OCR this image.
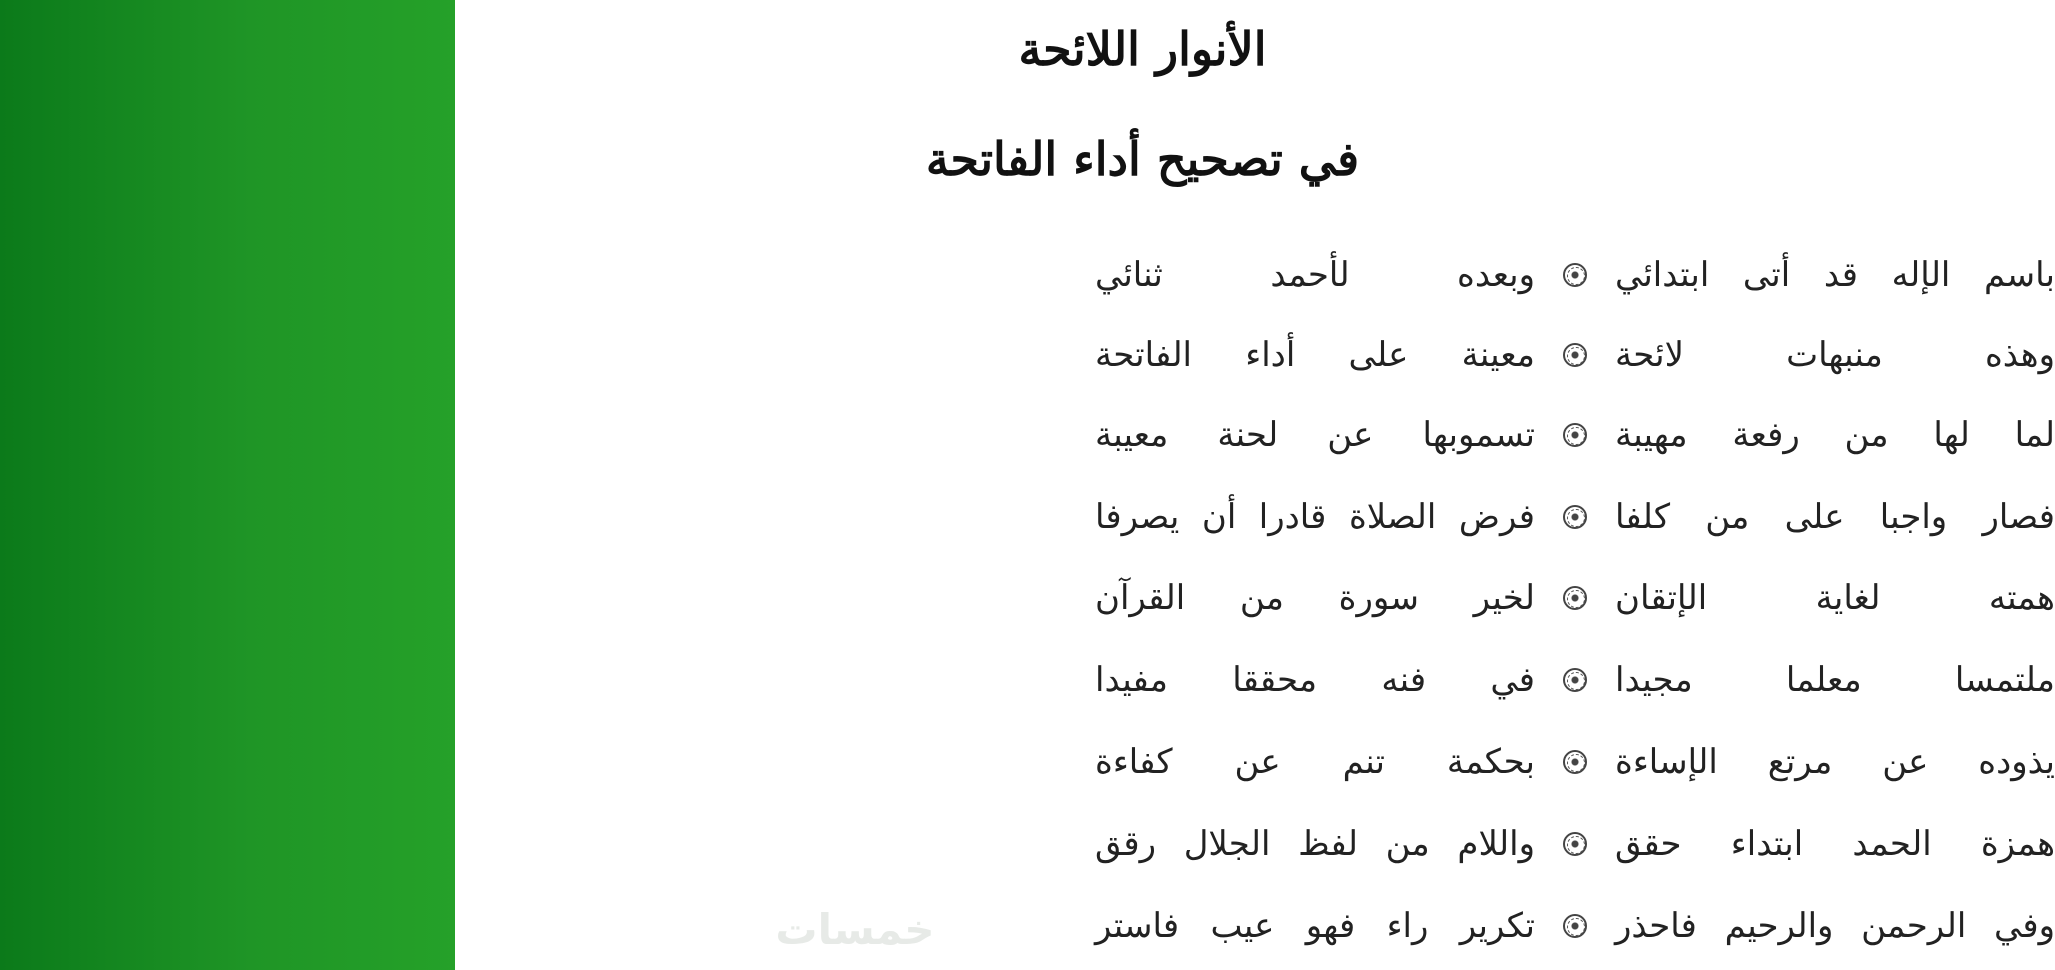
الأنوار اللائحة
في تصحيح أداء الفاتحة
باسم الإله قد أتى ابتدائي
وبعده لأحمد ثنائي
وهذه منبهات لائحة
معينة على أداء الفاتحة
لما لها من رفعة مهيبة
تسموبها عن لحنة معيبة
فصار واجبا على من كلفا
فرض الصلاة قادرا أن يصرفا
همته لغاية الإتقان
لخير سورة من القرآن
ملتمسا معلما مجيدا
في فنه محققا مفيدا
يذوده عن مرتع الإساءة
بحكمة تنم عن كفاءة
همزة الحمد ابتداء حقق
واللام من لفظ الجلال رقق
وفي الرحمن والرحيم فاحذر
تكرير راء فهو عيب فاستر
خمسات
